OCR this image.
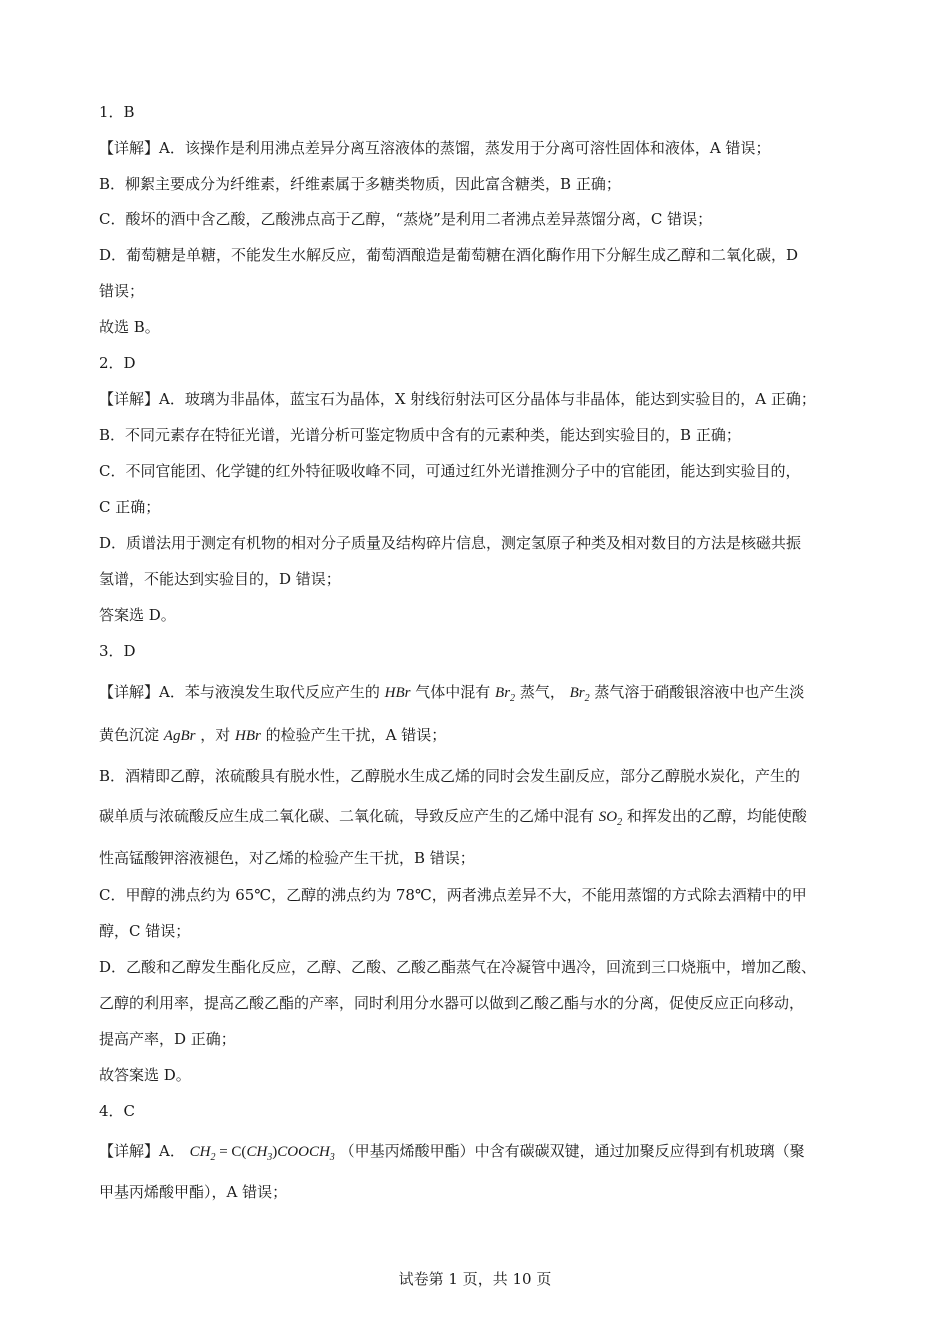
1．B

【详解】A．该操作是利用沸点差异分离互溶液体的蒸馏，蒸发用于分离可溶性固体和液体，A 错误；

B．柳絮主要成分为纤维素，纤维素属于多糖类物质，因此富含糖类，B 正确；

C．酸坏的酒中含乙酸，乙酸沸点高于乙醇，“蒸烧”是利用二者沸点差异蒸馏分离，C 错误；

D．葡萄糖是单糖，不能发生水解反应，葡萄酒酿造是葡萄糖在酒化酶作用下分解生成乙醇和二氧化碳，D

错误；

故选 B。

2．D

【详解】A．玻璃为非晶体，蓝宝石为晶体，X 射线衍射法可区分晶体与非晶体，能达到实验目的，A 正确；

B．不同元素存在特征光谱，光谱分析可鉴定物质中含有的元素种类，能达到实验目的，B 正确；

C．不同官能团、化学键的红外特征吸收峰不同，可通过红外光谱推测分子中的官能团，能达到实验目的，

C 正确；

D．质谱法用于测定有机物的相对分子质量及结构碎片信息，测定氢原子种类及相对数目的方法是核磁共振

氢谱，不能达到实验目的，D 错误；

答案选 D。

3．D

【详解】A．苯与液溴发生取代反应产生的 HBr 气体中混有 $Br_2$ 蒸气， $Br_2$ 蒸气溶于硝酸银溶液中也产生淡

黄色沉淀 AgBr ，对 HBr 的检验产生干扰，A 错误；

B．酒精即乙醇，浓硫酸具有脱水性，乙醇脱水生成乙烯的同时会发生副反应，部分乙醇脱水炭化，产生的

碳单质与浓硫酸反应生成二氧化碳、二氧化硫，导致反应产生的乙烯中混有 $SO_2$ 和挥发出的乙醇，均能使酸

性高锰酸钾溶液褪色，对乙烯的检验产生干扰，B 错误；

C．甲醇的沸点约为 65℃，乙醇的沸点约为 78℃，两者沸点差异不大，不能用蒸馏的方式除去酒精中的甲

醇，C 错误；

D．乙酸和乙醇发生酯化反应，乙醇、乙酸、乙酸乙酯蒸气在冷凝管中遇冷，回流到三口烧瓶中，增加乙酸、

乙醇的利用率，提高乙酸乙酯的产率，同时利用分水器可以做到乙酸乙酯与水的分离，促使反应正向移动，

提高产率，D 正确；

故答案选 D。

4．C

【详解】A． $CH_2$ = $C(CH_3)COOCH_3$ （甲基丙烯酸甲酯）中含有碳碳双键，通过加聚反应得到有机玻璃（聚

甲基丙烯酸甲酯），A 错误；

试卷第 1 页，共 10 页
